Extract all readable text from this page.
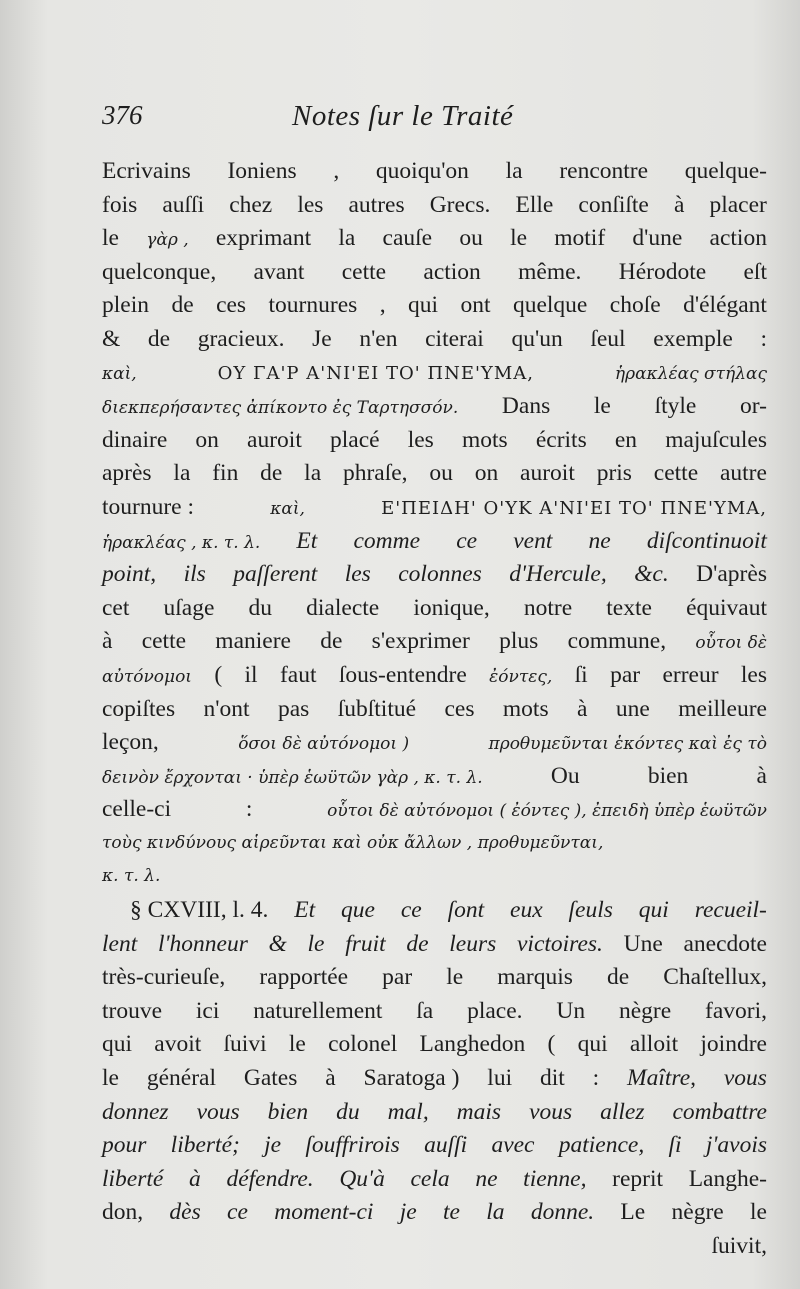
376	Notes ſur le Traité
Ecrivains Ioniens , quoiqu'on la rencontre quelque-
fois auſſi chez les autres Grecs. Elle conſiſte à placer
le γὰρ , exprimant la cauſe ou le motif d'une action
quelconque, avant cette action même. Hérodote eſt
plein de ces tournures , qui ont quelque choſe d'élégant
& de gracieux. Je n'en citerai qu'un ſeul exemple :
καὶ,	OΥ ΓΑ'Ρ Α'ΝΙ'ΕΙ ΤΟ' ΠΝΕ'ΥΜΑ,	ἡρακλέας στήλας
διεκπερήσαντες ἀπίκοντο ἐς Ταρτησσόν. Dans le ſtyle or-
dinaire on auroit placé les mots écrits en majuſcules
après la fin de la phraſe, ou on auroit pris cette autre
tournure :	καὶ,	Ε'ΠΕΙΔΗ' Ο'ΥΚ Α'ΝΙ'ΕΙ ΤΟ' ΠΝΕ'ΥΜΑ,
ἡρακλέας , κ. τ. λ. Et comme ce vent ne diſcontinuoit
point, ils paſſerent les colonnes d'Hercule, &c. D'après
cet uſage du dialecte ionique, notre texte équivaut
à cette maniere de s'exprimer plus commune, οὗτοι δὲ
αὐτόνομοι ( il faut ſous-entendre ἐόντες, ſi par erreur les
copiſtes n'ont pas ſubſtitué ces mots à une meilleure
leçon,	ὅσοι δὲ αὐτόνομοι )	προθυμεῦνται ἑκόντες καὶ ἐς τὸ
δεινὸν ἔρχονται · ὑπὲρ ἑωϋτῶν γὰρ , κ. τ. λ.	Ou	bien	à
celle-ci	:	οὗτοι δὲ αὐτόνομοι ( ἐόντες ), ἐπειδὴ ὑπὲρ ἑωϋτῶν
τοὺς κινδύνους αἱρεῦνται καὶ οὐκ ἄλλων , προθυμεῦνται,
κ. τ. λ.
§ CXVIII, l. 4. Et que ce ſont eux ſeuls qui recueil-
lent l'honneur & le fruit de leurs victoires. Une anecdote
très-curieuſe, rapportée par le marquis de Chaſtellux,
trouve ici naturellement ſa place. Un nègre favori,
qui avoit ſuivi le colonel Langhedon ( qui alloit joindre
le général Gates à Saratoga ) lui dit : Maître, vous
donnez vous bien du mal, mais vous allez combattre
pour liberté; je ſouffrirois auſſi avec patience, ſi j'avois
liberté à défendre. Qu'à cela ne tienne, reprit Langhe-
don, dès ce moment-ci je te la donne. Le nègre le
ſuivit,
